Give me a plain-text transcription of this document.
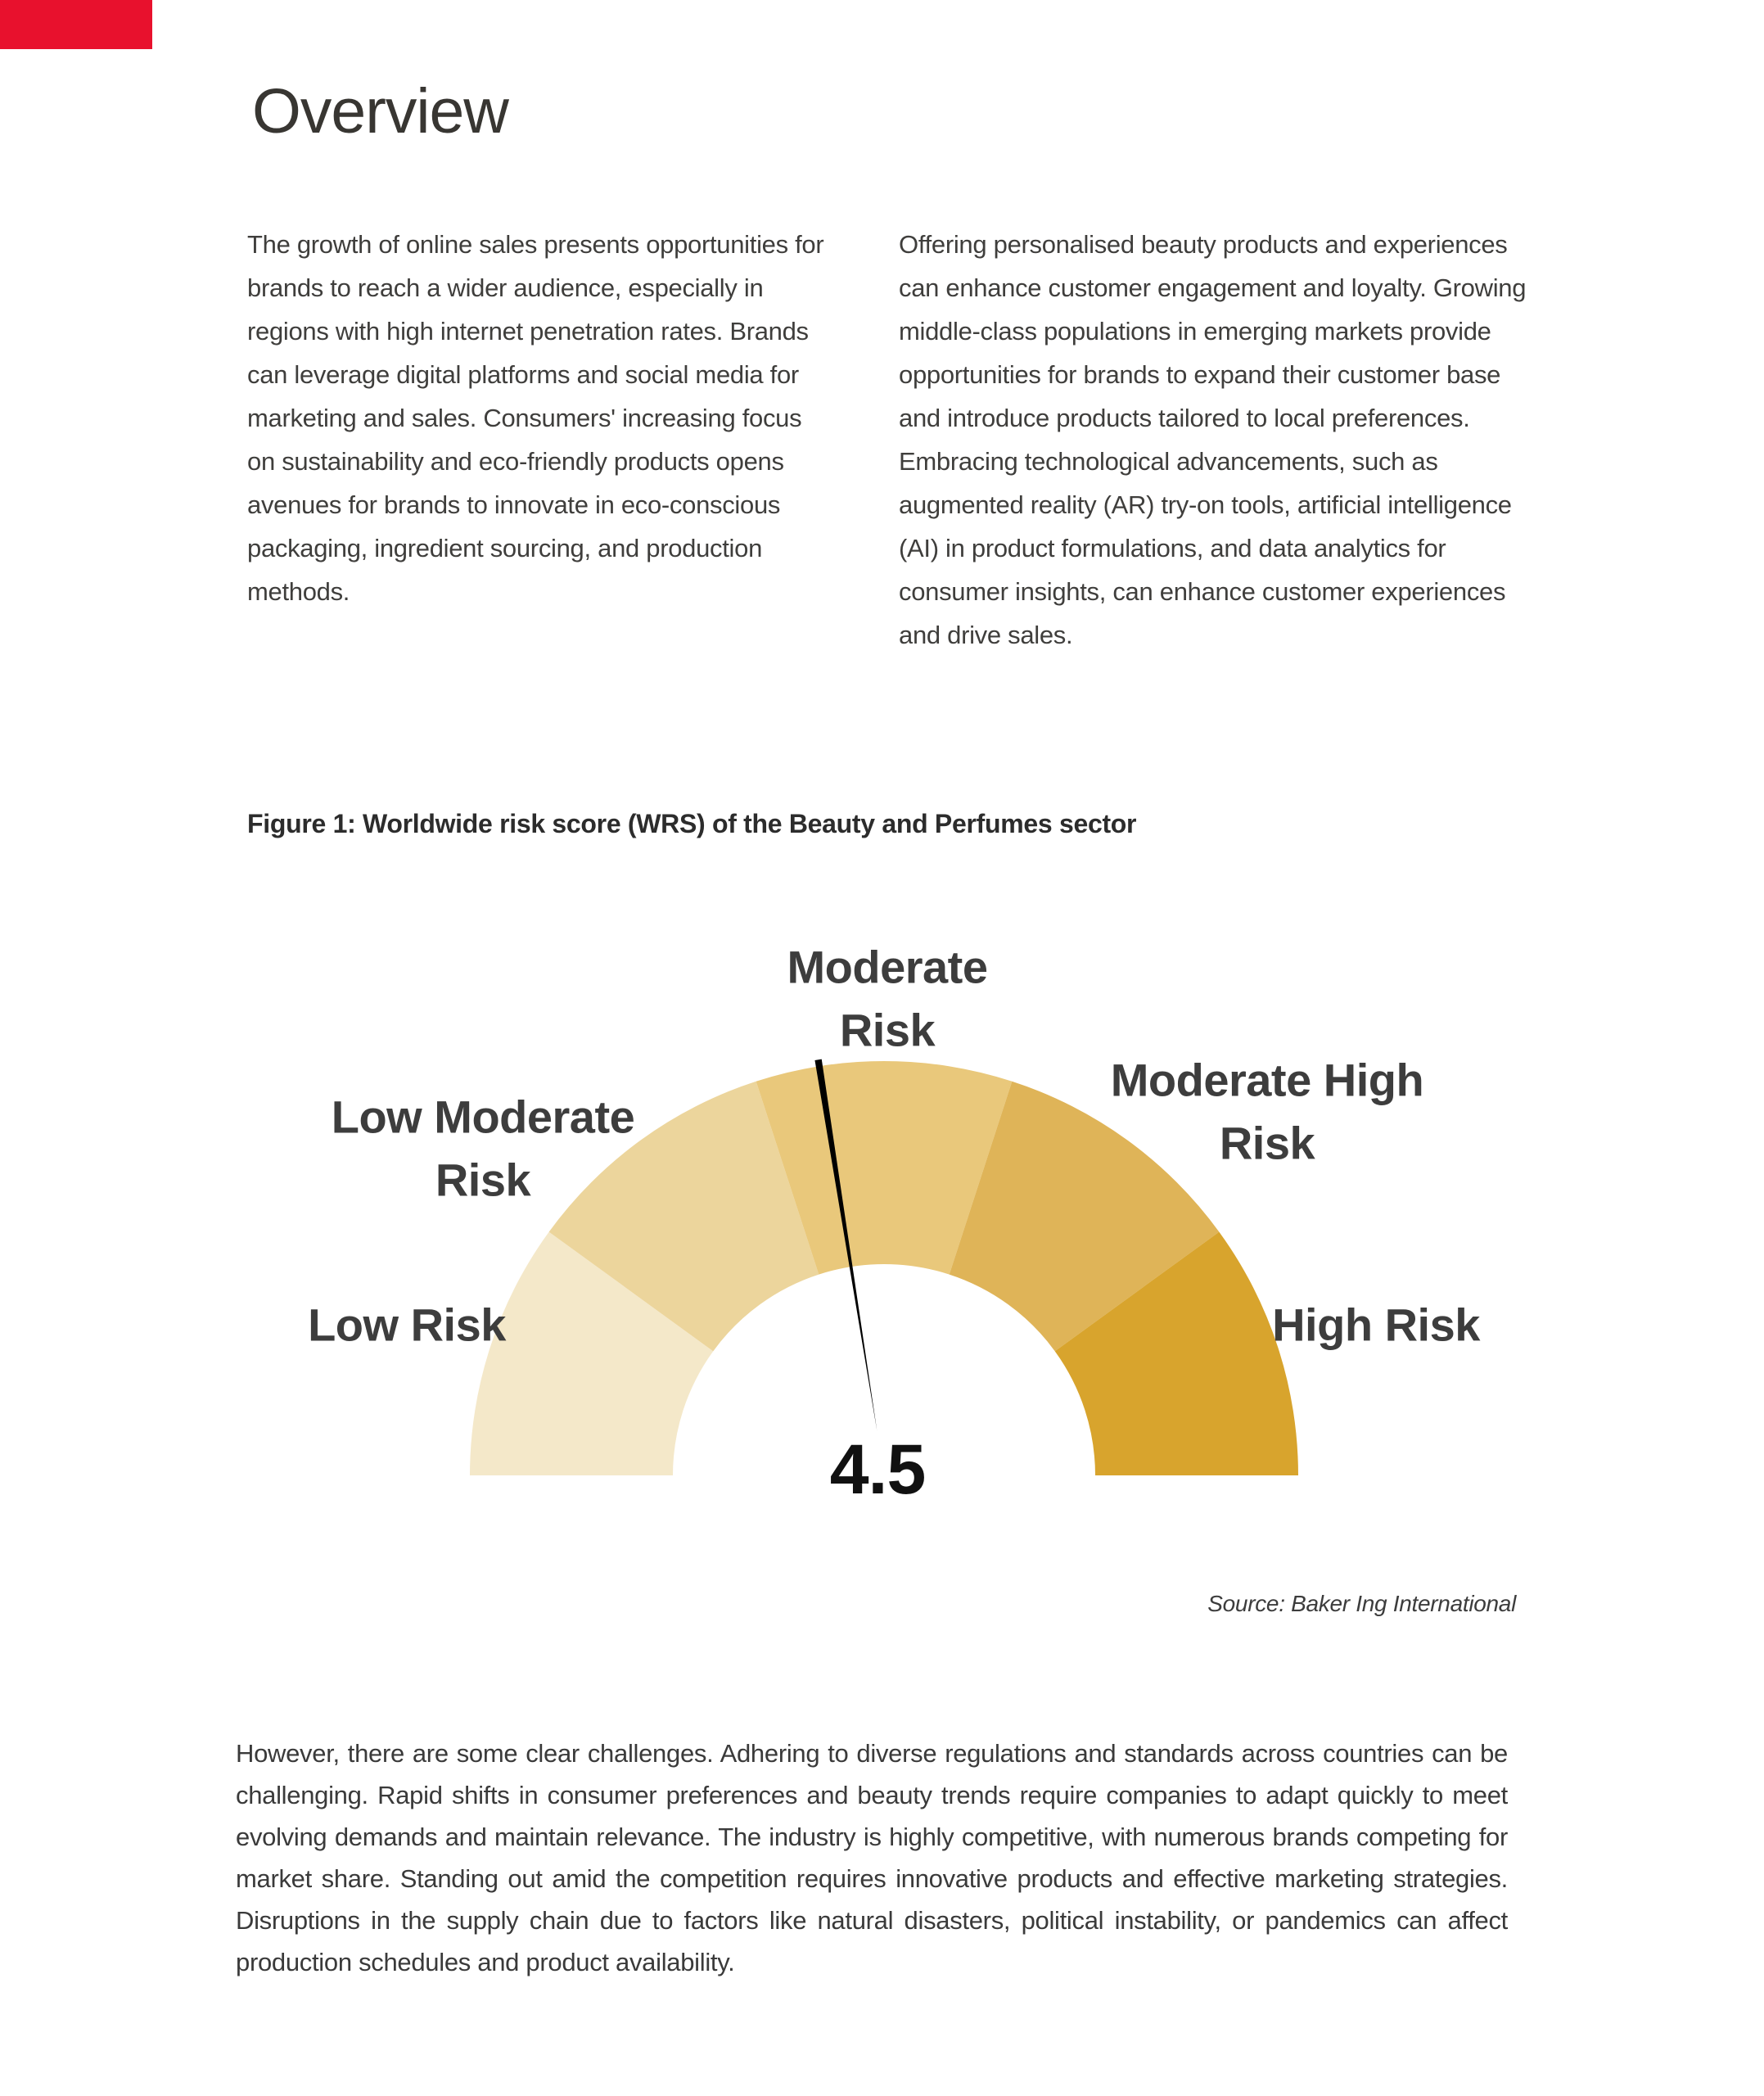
Overview
The growth of online sales presents opportunities for brands to reach a wider audience, especially in regions with high internet penetration rates. Brands can leverage digital platforms and social media for marketing and sales. Consumers' increasing focus on sustainability and eco-friendly products opens avenues for brands to innovate in eco-conscious packaging, ingredient sourcing, and production methods.
Offering personalised beauty products and experiences can enhance customer engagement and loyalty. Growing middle-class populations in emerging markets provide opportunities for brands to expand their customer base and introduce products tailored to local preferences. Embracing technological advancements, such as augmented reality (AR) try-on tools, artificial intelligence (AI) in product formulations, and data analytics for consumer insights, can enhance customer experiences and drive sales.
Figure 1: Worldwide risk score (WRS) of the Beauty and Perfumes sector
Moderate Risk
Low Moderate Risk
Moderate High Risk
Low Risk	High Risk
4.5
Source: Baker Ing International
However, there are some clear challenges. Adhering to diverse regulations and standards across countries can be challenging. Rapid shifts in consumer preferences and beauty trends require companies to adapt quickly to meet evolving demands and maintain relevance. The industry is highly competitive, with numerous brands competing for market share. Standing out amid the competition requires innovative products and effective marketing strategies. Disruptions in the supply chain due to factors like natural disasters, political instability, or pandemics can affect production schedules and product availability.
